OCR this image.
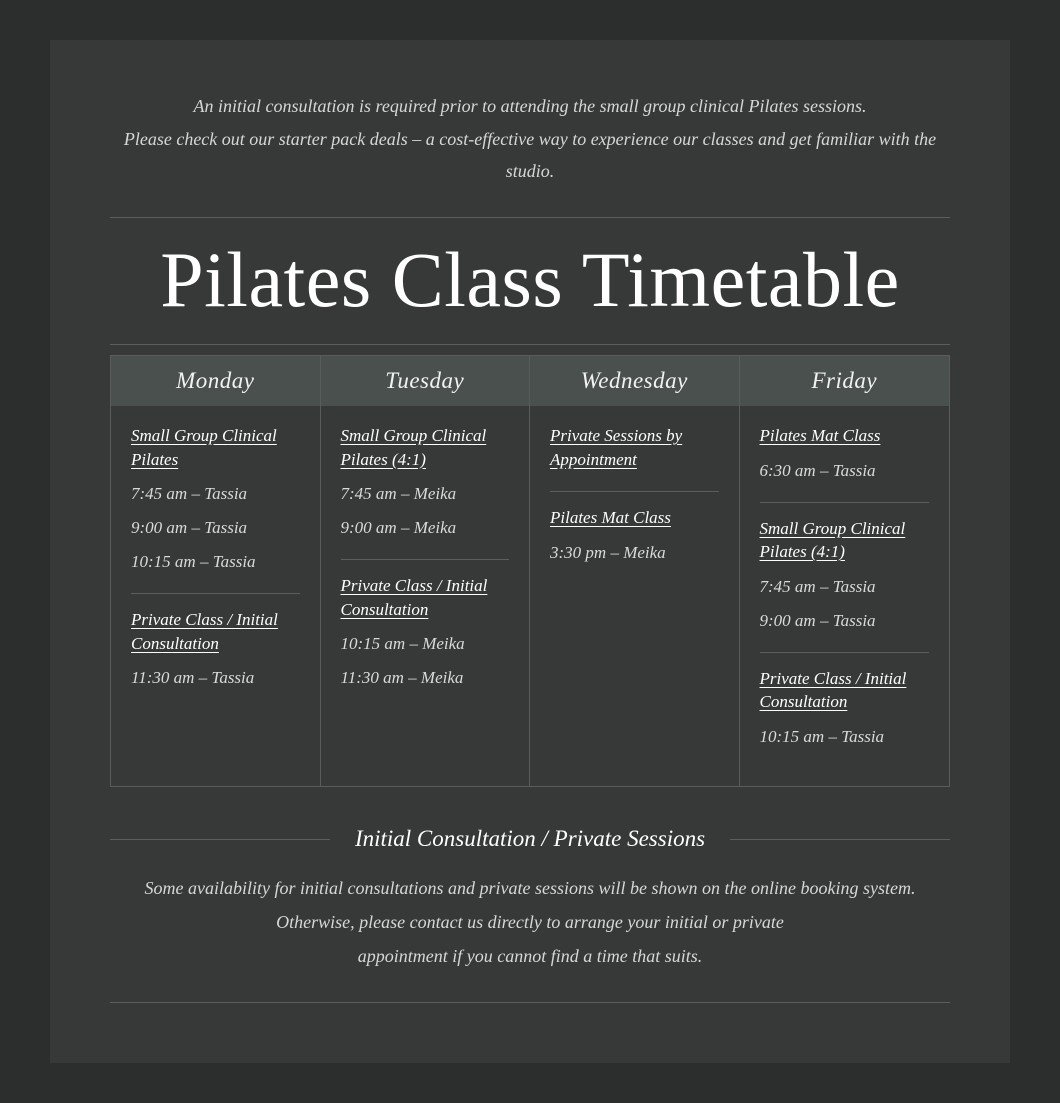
An initial consultation is required prior to attending the small group clinical Pilates sessions.

Please check out our starter pack deals – a cost-effective way to experience our classes and get familiar with the studio.

Pilates Class Timetable
Monday
Small Group Clinical Pilates
7:45 am – Tassia
9:00 am – Tassia
10:15 am – Tassia
Private Class / Initial Consultation
11:30 am – Tassia
Tuesday
Small Group Clinical Pilates (4:1)
7:45 am – Meika
9:00 am – Meika
Private Class / Initial Consultation
10:15 am – Meika
11:30 am – Meika
Wednesday
Private Sessions by Appointment
Pilates Mat Class
3:30 pm – Meika
Friday
Pilates Mat Class
6:30 am – Tassia
Small Group Clinical Pilates (4:1)
7:45 am – Tassia
9:00 am – Tassia
Private Class / Initial Consultation
10:15 am – Tassia
Initial Consultation / Private Sessions

Some availability for initial consultations and private sessions will be shown on the online booking system.

Otherwise, please contact us directly to arrange your initial or private appointment if you cannot find a time that suits.
